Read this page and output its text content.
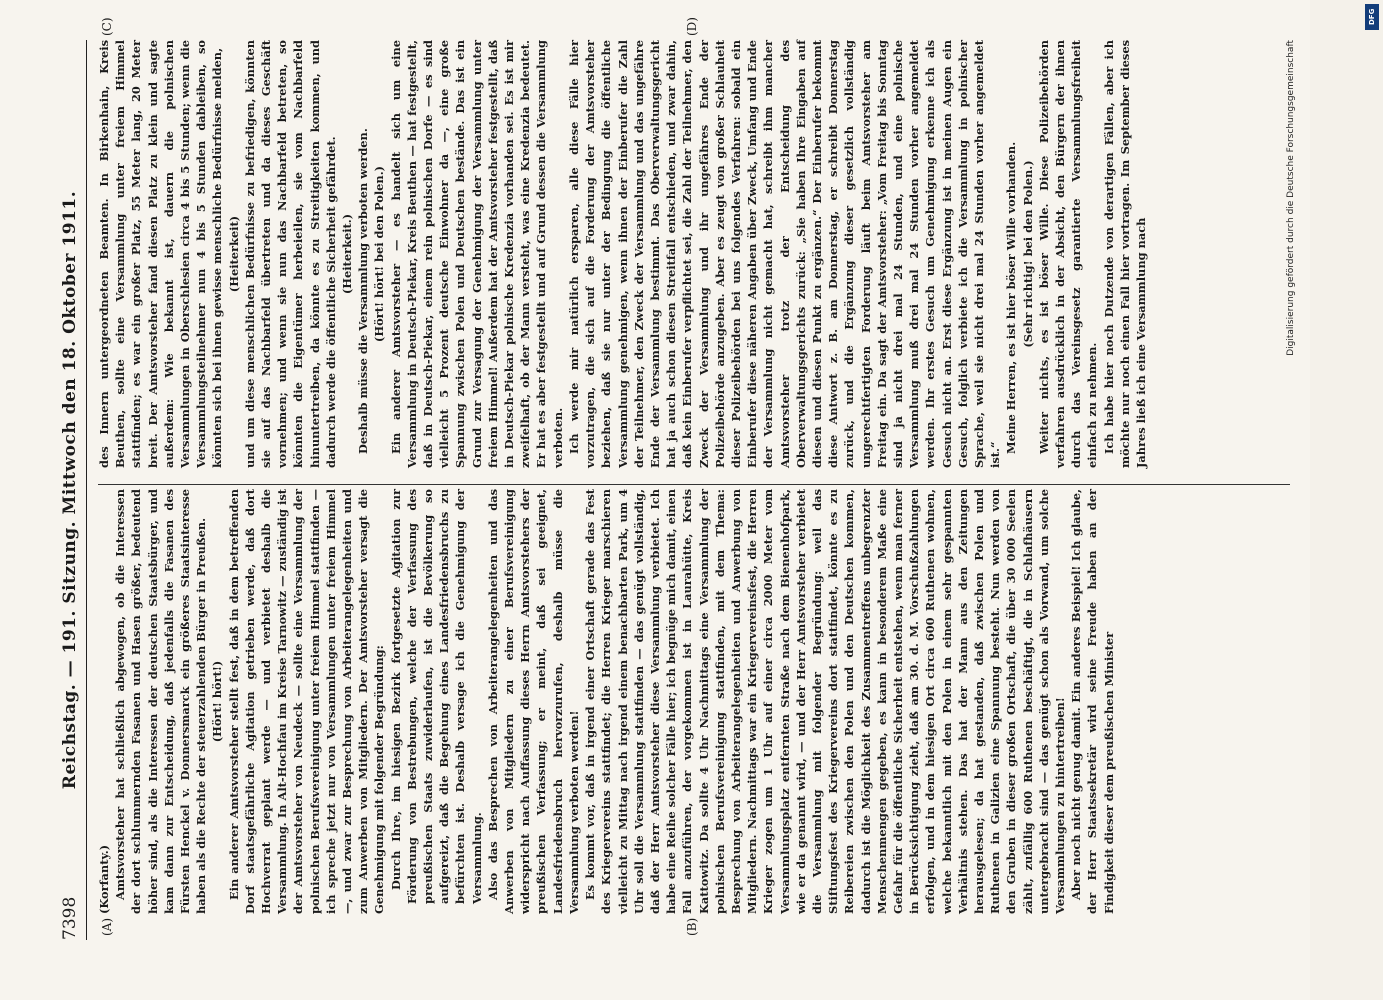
7398
Reichstag. — 191. Sitzung. Mittwoch den 18. Oktober 1911.
(A)	(B)
(C)	(D)

(Korfanty.) Amtsvorsteher hat schließlich abgewogen, ob die Interessen der dort schlummernden Fasanen und Hasen größer, bedeutend höher sind, als die Interessen der deutschen Staatsbürger, und kam dann zur Entscheidung, daß jedenfalls die Fasanen des Fürsten Henckel v. Donnersmarck ein größeres Staatsinteresse haben als die Rechte der steuerzahlenden Bürger in Preußen. (Hört! hört!) Ein anderer Amtsvorsteher stellt fest, daß in dem betreffenden Dorf staatsgefährliche Agitation getrieben werde, daß dort Hochverrat geplant werde — und verbietet deshalb die Versammlung. In Alt-Hochfau im Kreise Tarnowitz — zuständig ist der Amtsvorsteher von Neudeck — sollte eine Versammlung der polnischen Berufsvereinigung unter freiem Himmel stattfinden — ich spreche jetzt nur von Versammlungen unter freiem Himmel —, und zwar zur Besprechung von Arbeiterangelegenheiten und zum Anwerben von Mitgliedern. Der Amtsvorsteher versagt die Genehmigung mit folgender Begründung: Durch Ihre, im hiesigen Bezirk fortgesetzte Agitation zur Förderung von Bestrebungen, welche der Verfassung des preußischen Staats zuwiderlaufen, ist die Bevölkerung so aufgereizt, daß die Begehung eines Landesfriedensbruchs zu befürchten ist. Deshalb versage ich die Genehmigung der Versammlung. Also das Besprechen von Arbeiterangelegenheiten und das Anwerben von Mitgliedern zu einer Berufsvereinigung widerspricht nach Auffassung dieses Herrn Amtsvorstehers der preußischen Verfassung; er meint, daß sei geeignet, Landesfriedensbruch hervorzurufen, deshalb müsse die Versammlung verboten werden! Es kommt vor, daß in irgend einer Ortschaft gerade das Fest des Kriegervereins stattfindet; die Herren Krieger marschieren vielleicht zu Mittag nach irgend einem benachbarten Park, um 4 Uhr soll die Versammlung stattfinden — das genügt vollständig, daß der Herr Amtsvorsteher diese Versammlung verbietet. Ich habe eine Reihe solcher Fälle hier; ich begnüge mich damit, einen Fall anzuführen, der vorgekommen ist in Laurahütte, Kreis Kattowitz. Da sollte 4 Uhr Nachmittags eine Versammlung der polnischen Berufsvereinigung stattfinden, mit dem Thema: Besprechung von Arbeiterangelegenheiten und Anwerbung von Mitgliedern. Nachmittags war ein Kriegervereinsfest, die Herren Krieger zogen um 1 Uhr auf einer circa 2000 Meter vom Versammlungsplatz entfernten Straße nach dem Bienenhofpark, wie er da genannt wird, — und der Herr Amtsvorsteher verbietet die Versammlung mit folgender Begründung: weil das Stiftungsfest des Kriegervereins dort stattfindet, könnte es zu Reibereien zwischen den Polen und den Deutschen kommen, dadurch ist die Möglichkeit des Zusammentreffens unbegrenzter Menschenmengen gegeben, es kann in besonderem Maße eine Gefahr für die öffentliche Sicherheit entstehen, wenn man ferner in Berücksichtigung zieht, daß am 30. d. M. Vorschußzahlungen erfolgen, und in dem hiesigen Ort circa 600 Ruthenen wohnen, welche bekanntlich mit den Polen in einem sehr gespannten Verhältnis stehen. Das hat der Mann aus den Zeitungen herausgelesen; da hat gestanden, daß zwischen Polen und Ruthenen in Galizien eine Spannung besteht. Nun werden von den Gruben in dieser großen Ortschaft, die über 30 000 Seelen zählt, zufällig 600 Ruthenen beschäftigt, die in Schlafhäusern untergebracht sind — das genügt schon als Vorwand, um solche Versammlungen zu hintertreiben! Aber noch nicht genug damit. Ein anderes Beispiel! Ich glaube, der Herr Staatssekretär wird seine Freude haben an der Findigkeit dieser dem preußischen Minister

des Innern untergeordneten Beamten. In Birkenhain, Kreis Beuthen, sollte eine Versammlung unter freiem Himmel stattfinden; es war ein großer Platz, 55 Meter lang, 20 Meter breit. Der Amtsvorsteher fand diesen Platz zu klein und sagte außerdem: Wie bekannt ist, dauern die polnischen Versammlungen in Oberschlesien circa 4 bis 5 Stunden; wenn die Versammlungsteilnehmer nun 4 bis 5 Stunden dableiben, so könnten sich bei ihnen gewisse menschliche Bedürfnisse melden, (Heiterkeit) und um diese menschlichen Bedürfnisse zu befriedigen, könnten sie auf das Nachbarfeld übertreten und da dieses Geschäft vornehmen; und wenn sie nun das Nachbarfeld betreten, so könnten die Eigentümer herbeieilen, sie vom Nachbarfeld hinuntertreiben, da könnte es zu Streitigkeiten kommen, und dadurch werde die öffentliche Sicherheit gefährdet. (Heiterkeit.) Deshalb müsse die Versammlung verboten werden. (Hört! hört! bei den Polen.) Ein anderer Amtsvorsteher — es handelt sich um eine Versammlung in Deutsch-Piekar, Kreis Beuthen — hat festgestellt, daß in Deutsch-Piekar, einem rein polnischen Dorfe — es sind vielleicht 5 Prozent deutsche Einwohner da —, eine große Spannung zwischen Polen und Deutschen bestände. Das ist ein Grund zur Versagung der Genehmigung der Versammlung unter freiem Himmel! Außerdem hat der Amtsvorsteher festgestellt, daß in Deutsch-Piekar polnische Kredenzia vorhanden sei. Es ist mir zweifelhaft, ob der Mann versteht, was eine Kredenzia bedeutet. Er hat es aber festgestellt und auf Grund dessen die Versammlung verboten. Ich werde mir natürlich ersparen, alle diese Fälle hier vorzutragen, die sich auf die Forderung der Amtsvorsteher beziehen, daß sie nur unter der Bedingung die öffentliche Versammlung genehmigen, wenn ihnen der Einberufer die Zahl der Teilnehmer, den Zweck der Versammlung und das ungefähre Ende der Versammlung bestimmt. Das Oberverwaltungsgericht hat ja auch schon diesen Streitfall entschieden, und zwar dahin, daß kein Einberufer verpflichtet sei, die Zahl der Teilnehmer, den Zweck der Versammlung und ihr ungefähres Ende der Polizeibehörde anzugeben. Aber es zeugt von großer Schlauheit dieser Polizeibehörden bei uns folgendes Verfahren: sobald ein Einberufer diese näheren Angaben über Zweck, Umfang und Ende der Versammlung nicht gemacht hat, schreibt ihm mancher Amtsvorsteher trotz der Entscheidung des Oberverwaltungsgerichts zurück: „Sie haben Ihre Eingaben auf diesen und diesen Punkt zu ergänzen.“ Der Einberufer bekommt diese Antwort z. B. am Donnerstag, er schreibt Donnerstag zurück, und die Ergänzung dieser gesetzlich vollständig ungerechtfertigten Forderung läuft beim Amtsvorsteher am Freitag ein. Da sagt der Amtsvorsteher: „Vom Freitag bis Sonntag sind ja nicht drei mal 24 Stunden, und eine polnische Versammlung muß drei mal 24 Stunden vorher angemeldet werden. Ihr erstes Gesuch um Genehmigung erkenne ich als Gesuch nicht an. Erst diese Ergänzung ist in meinen Augen ein Gesuch, folglich verbiete ich die Versammlung in polnischer Sprache, weil sie nicht drei mal 24 Stunden vorher angemeldet ist.“

Meine Herren, es ist hier böser Wille vorhanden. (Sehr richtig! bei den Polen.) Weiter nichts, es ist böser Wille. Diese Polizeibehörden verfahren ausdrücklich in der Absicht, den Bürgern der ihnen durch das Vereinsgesetz garantierte Versammlungsfreiheit einfach zu nehmen. Ich habe hier noch Dutzende von derartigen Fällen, aber ich möchte nur noch einen Fall hier vortragen. Im September dieses Jahres ließ ich eine Versammlung nach	Digitalisierung gefördert durch die Deutsche Forschungsgemeinschaft
DFG
